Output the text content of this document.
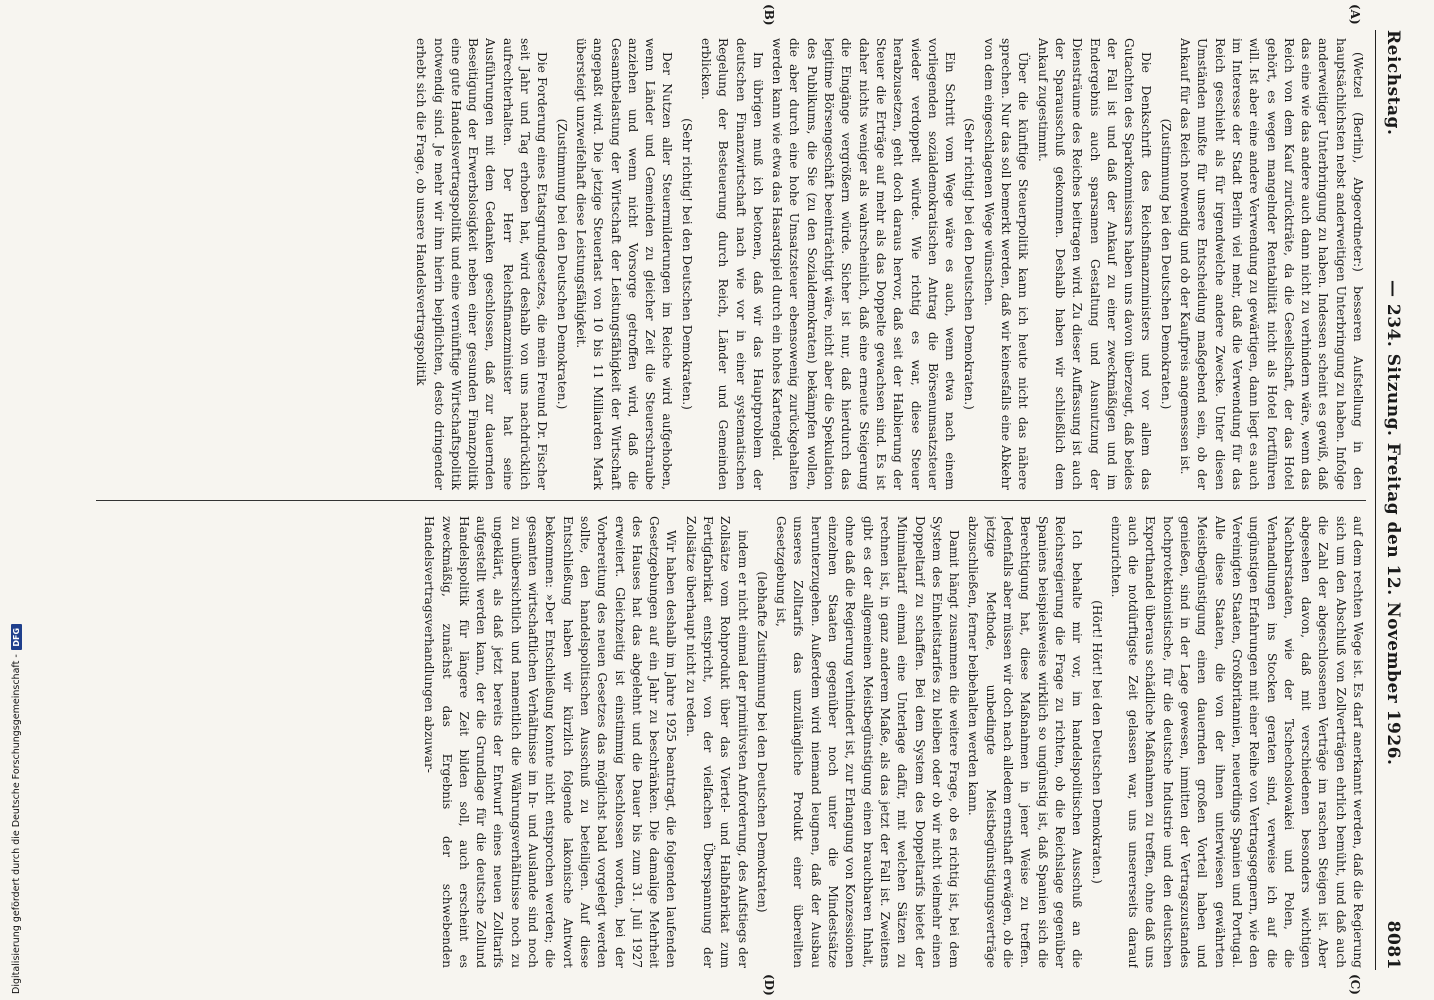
Reichstag.
— 234. Sitzung. Freitag den 12. November 1926.
8081

(Wetzel (Berlin), Abgeordneter:) besseren Aufstellung in den hauptsächlichsten nebst anderweitigen Unterbringung zu haben. Infolge anderweitiger Unterbringung zu haben. Indessen scheint es gewiß, daß das eine wie das andere auch dann nicht zu verhindern wäre, wenn das Reich von dem Kauf zurückträte, da die Gesellschaft, der das Hotel gehört, es wegen mangelnder Rentabilität nicht als Hotel fortführen will. Ist aber eine andere Verwendung zu gewärtigen, dann liegt es auch im Interesse der Stadt Berlin viel mehr, daß die Verwendung für das Reich geschieht als für irgendwelche andere Zwecke. Unter diesen Umständen mußte für unsere Entscheidung maßgebend sein, ob der Ankauf für das Reich notwendig und ob der Kaufpreis angemessen ist.

(Zustimmung bei den Deutschen Demokraten.)

Die Denkschrift des Reichsfinanzministers und vor allem das Gutachten des Sparkommissars haben uns davon überzeugt, daß beides der Fall ist und daß der Ankauf zu einer zweckmäßigen und im Endergebnis auch sparsamen Gestaltung und Ausnutzung der Diensträume des Reiches beitragen wird. Zu dieser Auffassung ist auch der Sparausschuß gekommen. Deshalb haben wir schließlich dem Ankauf zugestimmt.

Über die künftige Steuerpolitik kann ich heute nicht das nähere sprechen. Nur das soll bemerkt werden, daß wir keinesfalls eine Abkehr von dem eingeschlagenen Wege wünschen.

(Sehr richtig! bei den Deutschen Demokraten.)

Ein Schritt vom Wege wäre es auch, wenn etwa nach einem vorliegenden sozialdemokratischen Antrag die Börsenumsatzsteuer wieder verdoppelt würde. Wie richtig es war, diese Steuer herabzusetzen, geht doch daraus hervor, daß seit der Halbierung der Steuer die Erträge auf mehr als das Doppelte gewachsen sind. Es ist daher nichts weniger als wahrscheinlich, daß eine erneute Steigerung die Eingänge vergrößern würde. Sicher ist nur, daß hierdurch das legitime Börsengeschäft beeinträchtigt wäre, nicht aber die Spekulation des Publikums, die Sie (zu den Sozialdemokraten) bekämpfen wollen, die aber durch eine hohe Umsatzsteuer ebensowenig zurückgehalten werden kann wie etwa das Hasardspiel durch ein hohes Kartengeld.

Im übrigen muß ich betonen, daß wir das Hauptproblem der deutschen Finanzwirtschaft nach wie vor in einer systematischen Regelung der Besteuerung durch Reich, Länder und Gemeinden erblicken.

(Sehr richtig! bei den Deutschen Demokraten.)

Der Nutzen aller Steuermilderungen im Reiche wird aufgehoben, wenn Länder und Gemeinden zu gleicher Zeit die Steuerschraube anziehen und wenn nicht Vorsorge getroffen wird, daß die Gesamtbelastung der Wirtschaft der Leistungsfähigkeit der Wirtschaft angepaßt wird. Die jetzige Steuerlast von 10 bis 11 Milliarden Mark übersteigt unzweifelhaft diese Leistungsfähigkeit.

(Zustimmung bei den Deutschen Demokraten.)

Die Forderung eines Etatsgrundgesetzes, die mein Freund Dr. Fischer seit Jahr und Tag erhoben hat, wird deshalb von uns nachdrücklich aufrechterhalten. Der Herr Reichsfinanzminister hat seine Ausführungen mit dem Gedanken geschlossen, daß zur dauernden Beseitigung der Erwerbslosigkeit neben einer gesunden Finanzpolitik eine gute Handelsvertragspolitik und eine vernünftige Wirtschaftspolitik notwendig sind. Je mehr wir ihm hierin beipflichten, desto dringender erhebt sich die Frage, ob unsere Handelsvertragspolitik

auf dem rechten Wege ist. Es darf anerkannt werden, daß die Regierung sich um den Abschluß von Zollverträgen ehrlich bemüht, und daß auch die Zahl der abgeschlossenen Verträge im raschen Steigen ist. Aber abgesehen davon, daß mit verschiedenen besonders wichtigen Nachbarstaaten, wie der Tschechoslowakei und Polen, die Verhandlungen ins Stocken geraten sind, verweise ich auf die ungünstigen Erfahrungen mit einer Reihe von Vertragsgegnern, wie den Vereinigten Staaten, Großbritannien, neuerdings Spanien und Portugal. Alle diese Staaten, die von der ihnen unterwiesen gewährten Meistbegünstigung einen dauernden großen Vorteil haben und genießen, sind in der Lage gewesen, inmitten der Vertragszustandes hochprotektionistische, für die deutsche Industrie und den deutschen Exporthandel überaus schädliche Maßnahmen zu treffen, ohne daß uns auch die notdürftigste Zeit gelassen war, uns unsererseits darauf einzurichten.

(Hört! Hört! bei den Deutschen Demokraten.)

Ich behalte mir vor, im handelspolitischen Ausschuß an die Reichsregierung die Frage zu richten, ob die Reichslage gegenüber Spaniens beispielsweise wirklich so ungünstig ist, daß Spanien sich die Berechtigung hat, diese Maßnahmen in jener Weise zu treffen. Jedenfalls aber müssen wir doch nach alledem ernsthaft erwägen, ob die jetzige Methode, unbedingte Meistbegünstigungsverträge abzuschließen, ferner beibehalten werden kann.

Damit hängt zusammen die weitere Frage, ob es richtig ist, bei dem System des Einheitstarifes zu bleiben oder ob wir nicht vielmehr einen Doppeltarif zu schaffen. Bei dem System des Doppeltarifs bietet der Minimaltarif einmal eine Unterlage dafür, mit welchen Sätzen zu rechnen ist, in ganz anderem Maße, als das jetzt der Fall ist. Zweitens gibt es der allgemeinen Meistbegünstigung einen brauchbaren Inhalt, ohne daß die Regierung verhindert ist, zur Erlangung von Konzessionen einzelnen Staaten gegenüber noch unter die Mindestsätze herunterzugehen. Außerdem wird niemand leugnen, daß der Ausbau unseres Zolltarifs das unzulängliche Produkt einer übereilten Gesetzgebung ist,

(lebhafte Zustimmung bei den Deutschen Demokraten)

indem er nicht einmal der primitivsten Anforderung, des Aufstiegs der Zollsätze vom Rohprodukt über das Viertel- und Halbfabrikat zum Fertigfabrikat entspricht, von der vielfachen Überspannung der Zollsätze überhaupt nicht zu reden.

Wir haben deshalb im Jahre 1925 beantragt, die folgenden laufenden Gesetzgebungen auf ein Jahr zu beschränken. Die damalige Mehrheit des Hauses hat das abgelehnt und die Dauer bis zum 31. Juli 1927 erweitert. Gleichzeitig ist einstimmig beschlossen worden, bei der Vorbereitung des neuen Gesetzes das möglichst bald vorgelegt werden sollte, den handelspolitischen Ausschuß zu beteiligen. Auf diese Entschließung haben wir kürzlich folgende lakonische Antwort bekommen: »Der Entschließung konnte nicht entsprochen werden; die gesamten wirtschaftlichen Verhältnisse im In- und Auslande sind noch zu unübersichtlich und namentlich die Währungsverhältnisse noch zu ungeklärt, als daß jetzt bereits der Entwurf eines neuen Zolltarifs aufgestellt werden kann, der die Grundlage für die deutsche Zollund Handelspolitik für längere Zeit bilden soll, auch erscheint es zweckmäßig, zunächst das Ergebnis der schwebenden Handelsvertragsverhandlungen abzuwar-

(A)
(B)
(C)
(D)
Digitalisierung gefördert durch die Deutsche Forschungsgemeinschaft -
DFG
